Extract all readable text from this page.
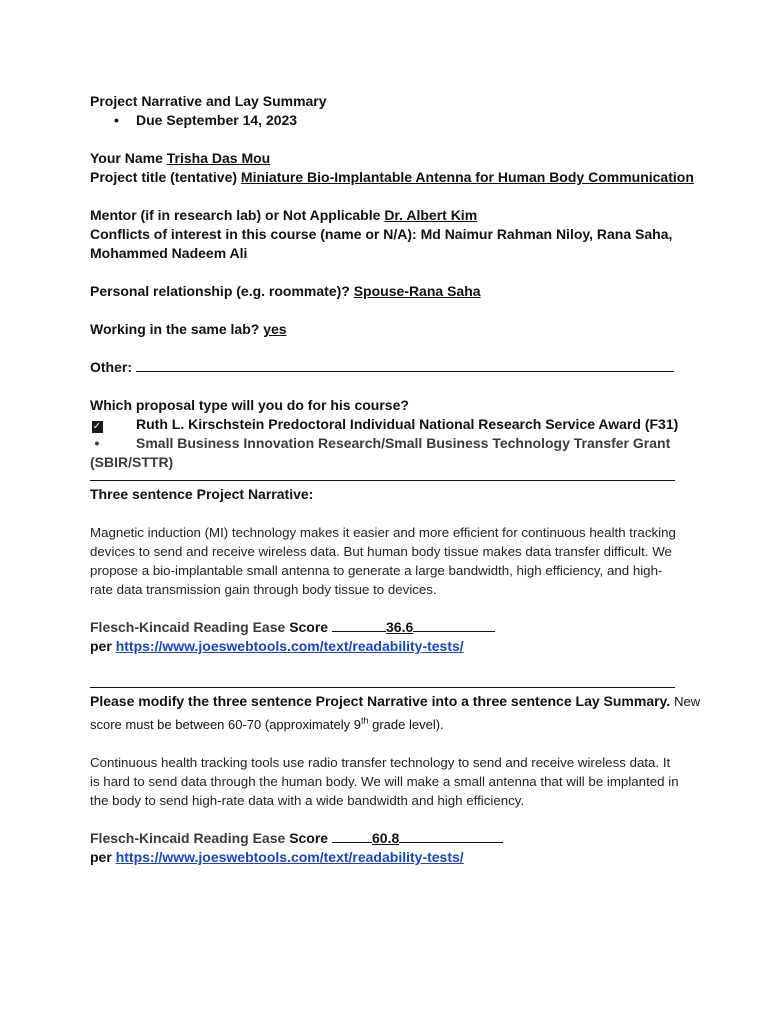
Project Narrative and Lay Summary
• Due September 14, 2023
Your Name Trisha Das Mou
Project title (tentative) Miniature Bio-Implantable Antenna for Human Body Communication
Mentor (if in research lab) or Not Applicable Dr. Albert Kim
Conflicts of interest in this course (name or N/A): Md Naimur Rahman Niloy, Rana Saha,
Mohammed Nadeem Ali
Personal relationship (e.g. roommate)? Spouse-Rana Saha
Working in the same lab? yes
Other:
Which proposal type will you do for his course?
✓ Ruth L. Kirschstein Predoctoral Individual National Research Service Award (F31)
•	Small Business Innovation Research/Small Business Technology Transfer Grant
(SBIR/STTR)
Three sentence Project Narrative:
Magnetic induction (MI) technology makes it easier and more efficient for continuous health tracking devices to send and receive wireless data. But human body tissue makes data transfer difficult. We propose a bio-implantable small antenna to generate a large bandwidth, high efficiency, and high-rate data transmission gain through body tissue to devices.
Flesch-Kincaid Reading Ease Score	36.6
per https://www.joeswebtools.com/text/readability-tests/
Please modify the three sentence Project Narrative into a three sentence Lay Summary. New
score must be between 60-70 (approximately 9th grade level).
Continuous health tracking tools use radio transfer technology to send and receive wireless data. It is hard to send data through the human body. We will make a small antenna that will be implanted in the body to send high-rate data with a wide bandwidth and high efficiency.
Flesch-Kincaid Reading Ease Score	60.8
per https://www.joeswebtools.com/text/readability-tests/
